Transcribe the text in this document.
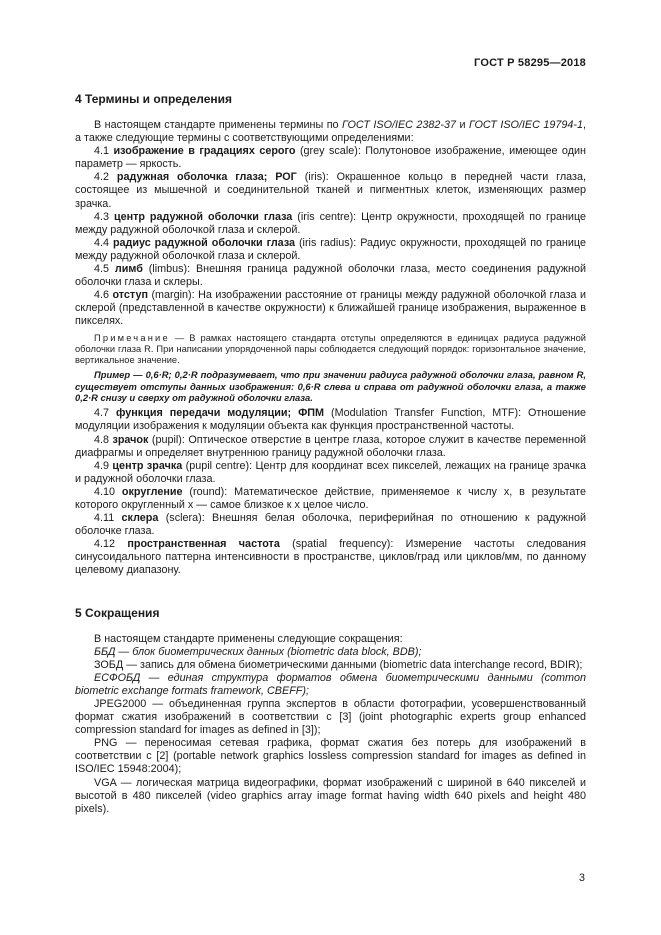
ГОСТ Р 58295—2018
4 Термины и определения

В настоящем стандарте применены термины по ГОСТ ISO/IEC 2382-37 и ГОСТ ISO/IEC 19794-1, а также следующие термины с соответствующими определениями:

4.1 изображение в градациях серого (grey scale): Полутоновое изображение, имеющее один параметр — яркость.

4.2 радужная оболочка глаза; РОГ (iris): Окрашенное кольцо в передней части глаза, состоящее из мышечной и соединительной тканей и пигментных клеток, изменяющих размер зрачка.

4.3 центр радужной оболочки глаза (iris centre): Центр окружности, проходящей по границе между радужной оболочкой глаза и склерой.

4.4 радиус радужной оболочки глаза (iris radius): Радиус окружности, проходящей по границе между радужной оболочкой глаза и склерой.

4.5 лимб (limbus): Внешняя граница радужной оболочки глаза, место соединения радужной оболочки глаза и склеры.

4.6 отступ (margin): На изображении расстояние от границы между радужной оболочкой глаза и склерой (представленной в качестве окружности) к ближайшей границе изображения, выраженное в пикселях.

Примечание — В рамках настоящего стандарта отступы определяются в единицах радиуса радужной оболочки глаза R. При написании упорядоченной пары соблюдается следующий порядок: горизонтальное значение, вертикальное значение.

Пример — 0,6·R; 0,2·R подразумевает, что при значении радиуса радужной оболочки глаза, равном R, существует отступы данных изображения: 0,6·R слева и справа от радужной оболочки глаза, а также 0,2·R снизу и сверху от радужной оболочки глаза.

4.7 функция передачи модуляции; ФПМ (Modulation Transfer Function, MTF): Отношение модуляции изображения к модуляции объекта как функция пространственной частоты.

4.8 зрачок (pupil): Оптическое отверстие в центре глаза, которое служит в качестве переменной диафрагмы и определяет внутреннюю границу радужной оболочки глаза.

4.9 центр зрачка (pupil centre): Центр для координат всех пикселей, лежащих на границе зрачка и радужной оболочки глаза.

4.10 округление (round): Математическое действие, применяемое к числу x, в результате которого округленный x — самое близкое к x целое число.

4.11 склера (sclera): Внешняя белая оболочка, периферийная по отношению к радужной оболочке глаза.

4.12 пространственная частота (spatial frequency): Измерение частоты следования синусоидального паттерна интенсивности в пространстве, циклов/град или циклов/мм, по данному целевому диапазону.

5 Сокращения

В настоящем стандарте применены следующие сокращения:

ББД — блок биометрических данных (biometric data block, BDB);

ЗОБД — запись для обмена биометрическими данными (biometric data interchange record, BDIR);

ЕСФОБД — единая структура форматов обмена биометрическими данными (common biometric exchange formats framework, CBEFF);

JPEG2000 — объединенная группа экспертов в области фотографии, усовершенствованный формат сжатия изображений в соответствии с [3] (joint photographic experts group enhanced compression standard for images as defined in [3]);

PNG — переносимая сетевая графика, формат сжатия без потерь для изображений в соответствии с [2] (portable network graphics lossless compression standard for images as defined in ISO/IEC 15948:2004);

VGA — логическая матрица видеографики, формат изображений с шириной в 640 пикселей и высотой в 480 пикселей (video graphics array image format having width 640 pixels and height 480 pixels).

3
